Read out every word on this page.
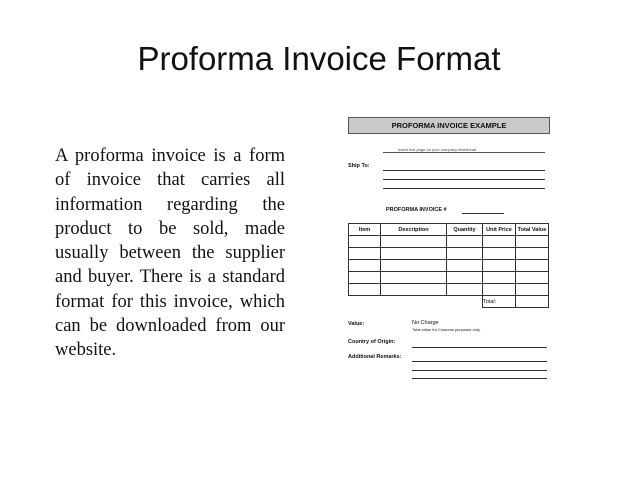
Proforma Invoice Format
A proforma invoice is a form of invoice that carries all information regarding the product to be sold, made usually between the supplier and buyer. There is a standard format for this invoice, which can be downloaded from our website.
PROFORMA INVOICE EXAMPLE
Insert this page on your company letterhead
Ship To:
PROFORMA INVOICE #
Item	Description	Quantity	Unit Price	Total Value

			Total:	
Value:	No Charge
Total value for Customs purposes only.
Country of Origin:
Additional Remarks:
